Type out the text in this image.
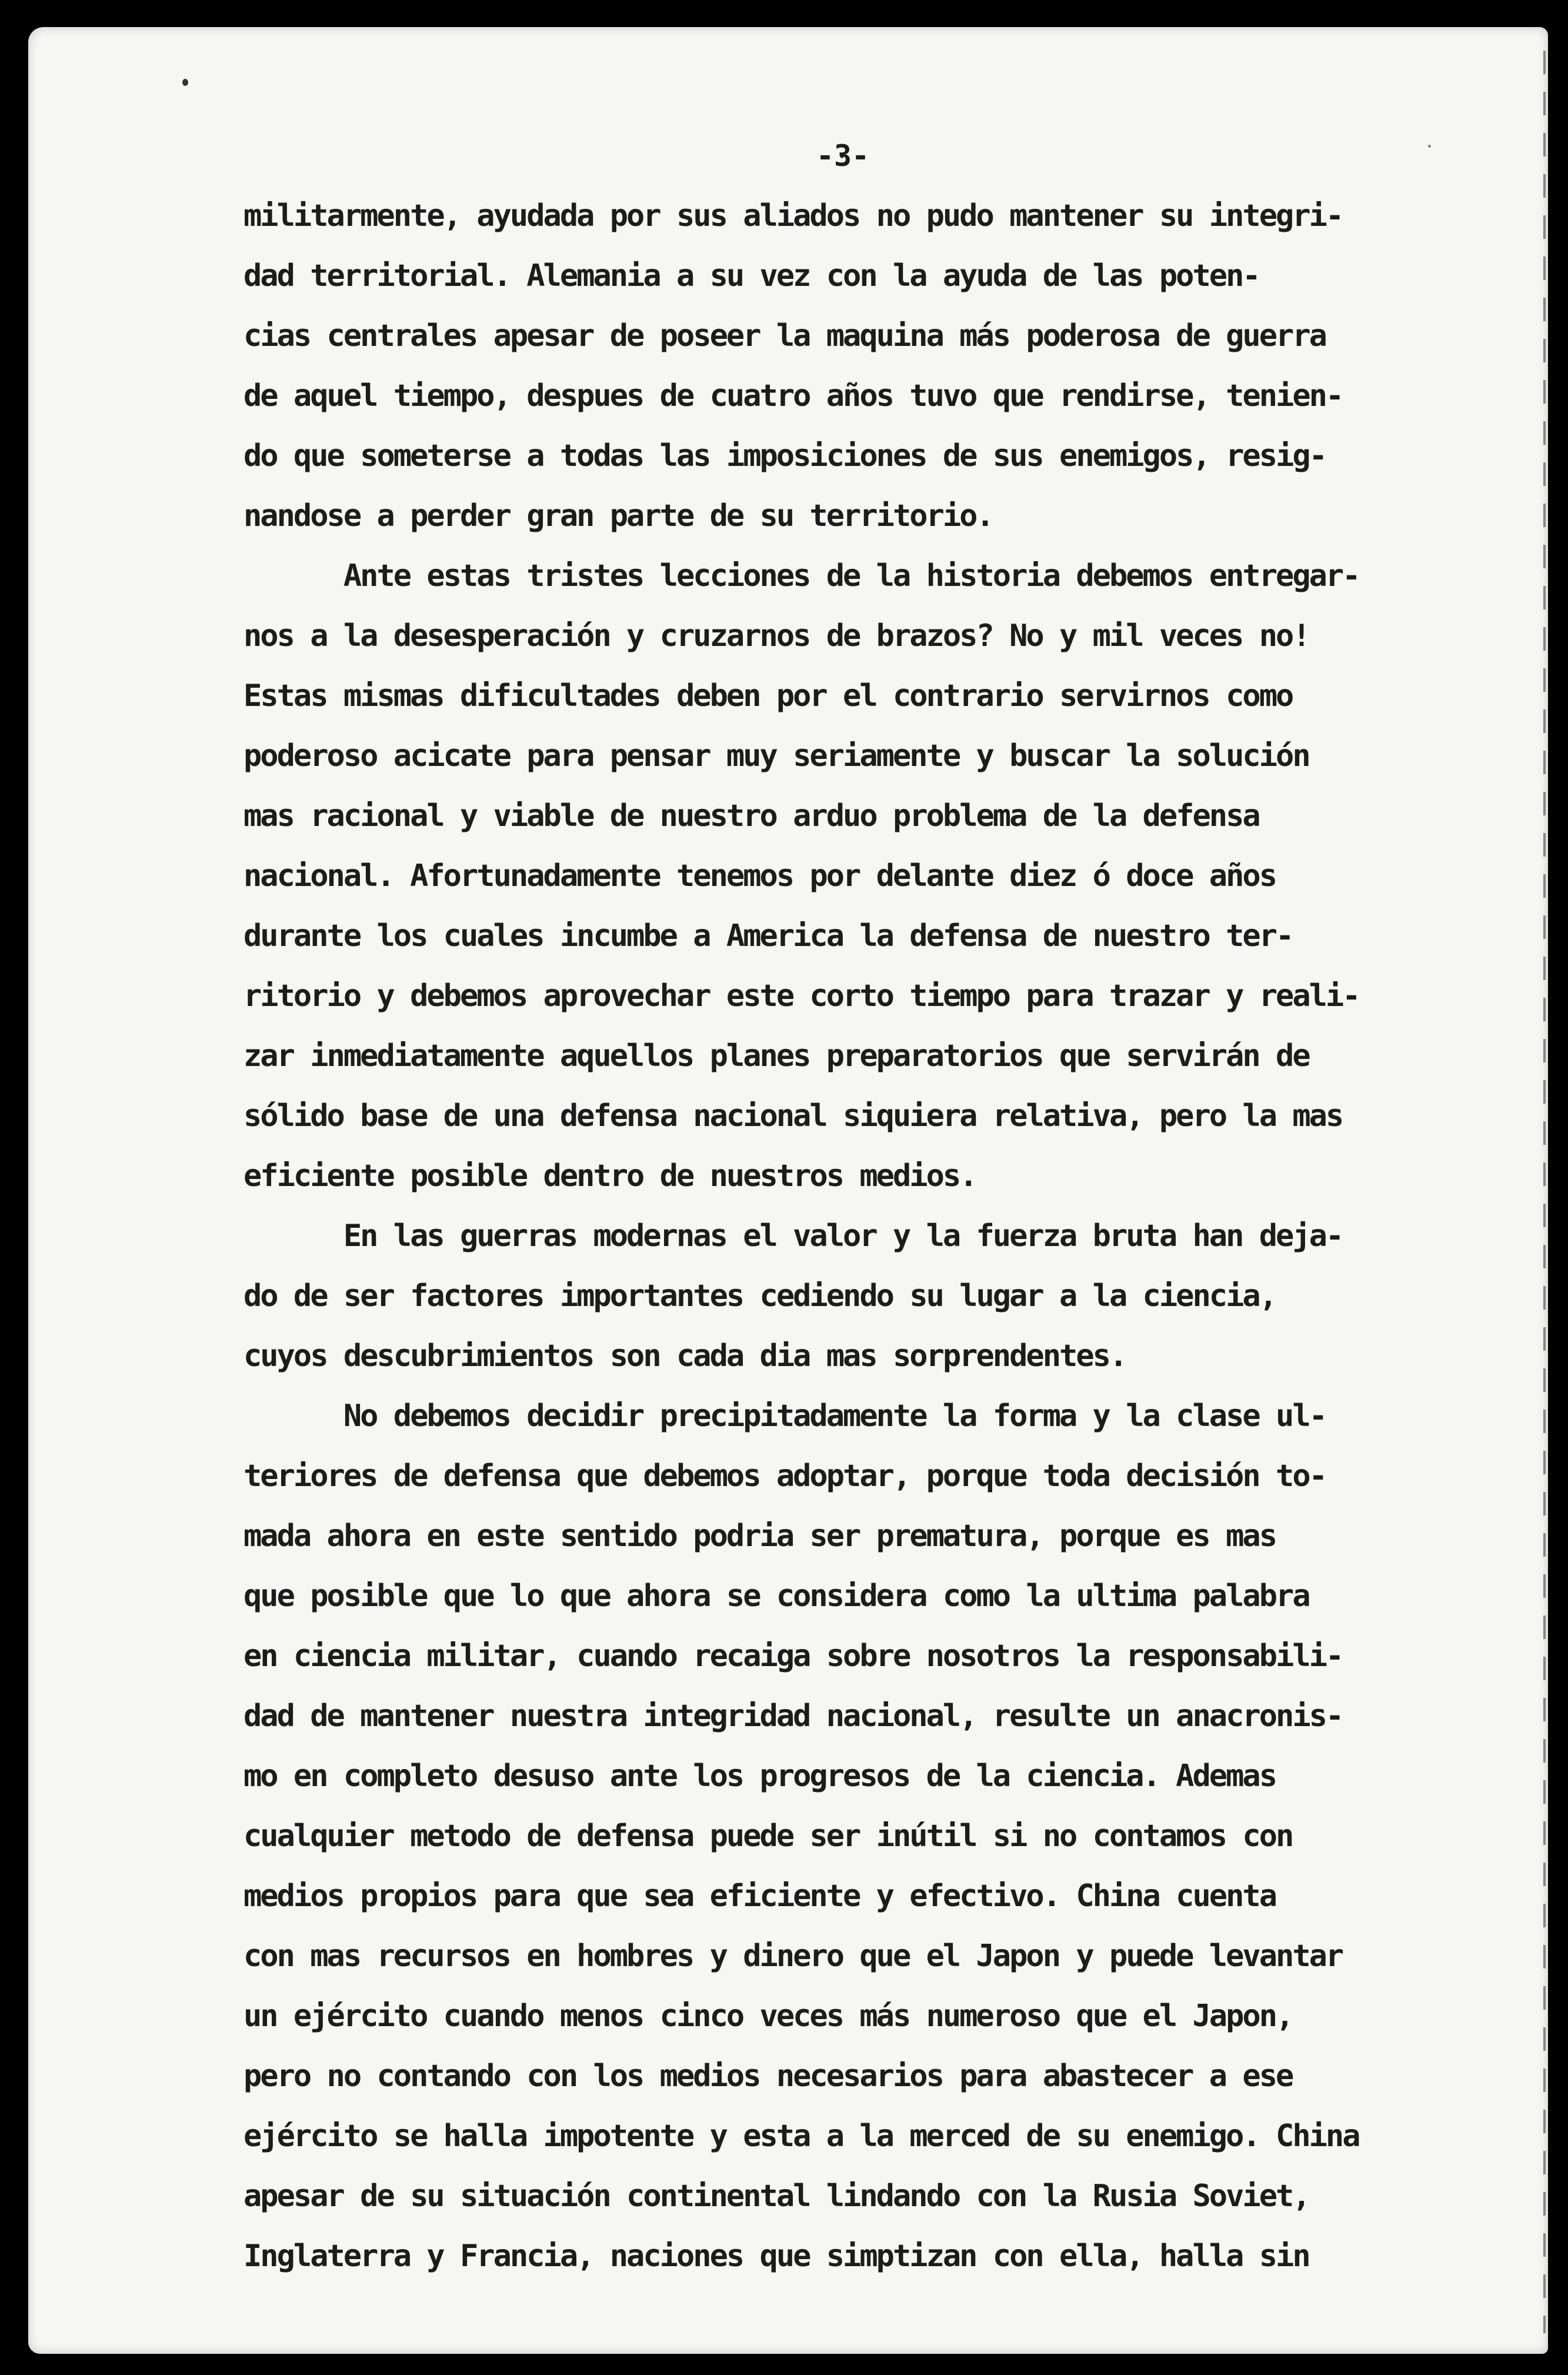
-3-
militarmente, ayudada por sus aliados no pudo mantener su integri-
dad territorial. Alemania a su vez con la ayuda de las poten-
cias centrales apesar de poseer la maquina más poderosa de guerra
de aquel tiempo, despues de cuatro años tuvo que rendirse, tenien-
do que someterse a todas las imposiciones de sus enemigos, resig-
nandose a perder gran parte de su territorio.
Ante estas tristes lecciones de la historia debemos entregar-
nos a la desesperación y cruzarnos de brazos? No y mil veces no!
Estas mismas dificultades deben por el contrario servirnos como
poderoso acicate para pensar muy seriamente y buscar la solución
mas racional y viable de nuestro arduo problema de la defensa
nacional. Afortunadamente tenemos por delante diez ó doce años
durante los cuales incumbe a America la defensa de nuestro ter-
ritorio y debemos aprovechar este corto tiempo para trazar y reali-
zar inmediatamente aquellos planes preparatorios que servirán de
sólido base de una defensa nacional siquiera relativa, pero la mas
eficiente posible dentro de nuestros medios.
En las guerras modernas el valor y la fuerza bruta han deja-
do de ser factores importantes cediendo su lugar a la ciencia,
cuyos descubrimientos son cada dia mas sorprendentes.
No debemos decidir precipitadamente la forma y la clase ul-
teriores de defensa que debemos adoptar, porque toda decisión to-
mada ahora en este sentido podria ser prematura, porque es mas
que posible que lo que ahora se considera como la ultima palabra
en ciencia militar, cuando recaiga sobre nosotros la responsabili-
dad de mantener nuestra integridad nacional, resulte un anacronis-
mo en completo desuso ante los progresos de la ciencia. Ademas
cualquier metodo de defensa puede ser inútil si no contamos con
medios propios para que sea eficiente y efectivo. China cuenta
con mas recursos en hombres y dinero que el Japon y puede levantar
un ejército cuando menos cinco veces más numeroso que el Japon,
pero no contando con los medios necesarios para abastecer a ese
ejército se halla impotente y esta a la merced de su enemigo. China
apesar de su situación continental lindando con la Rusia Soviet,
Inglaterra y Francia, naciones que simptizan con ella, halla sin
